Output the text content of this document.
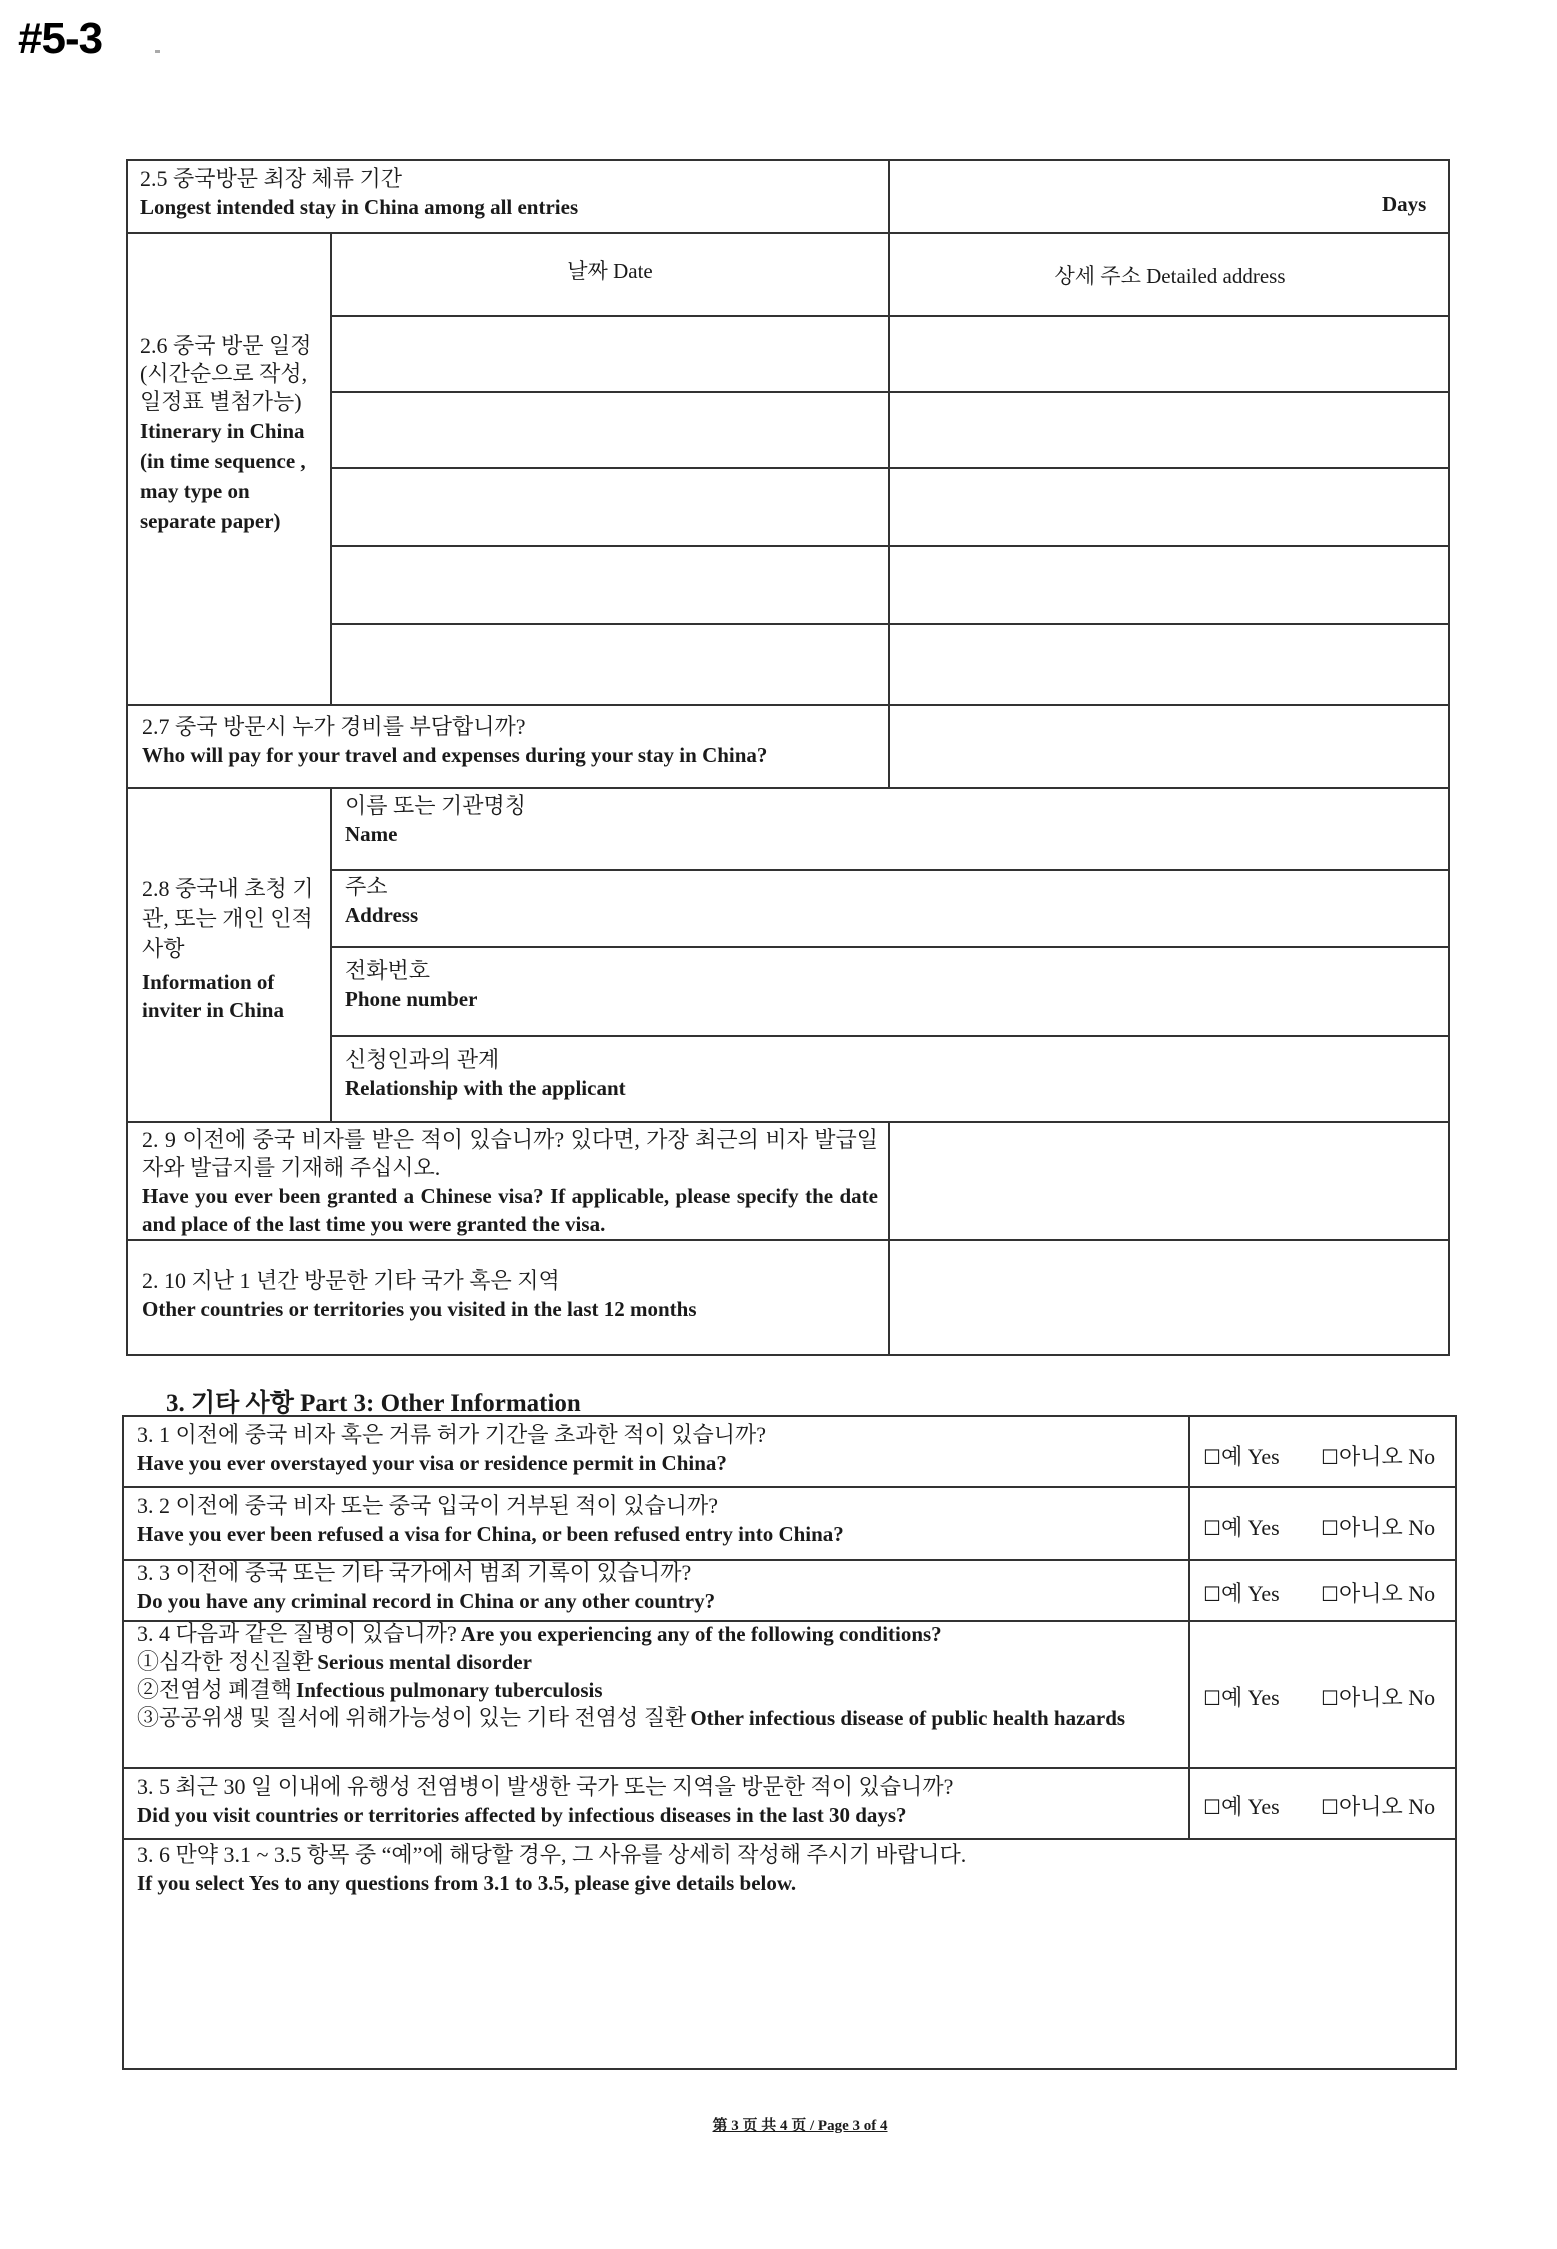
#5-3
2.5 중국방문 최장 체류 기간
Longest intended stay in China among all entries	Days
2.6 중국 방문 일정 (시간순으로 작성, 일정표 별첨가능)
Itinerary in China (in time sequence , may type on separate paper)
날짜 Date	상세 주소 Detailed address
2.7 중국 방문시 누가 경비를 부담합니까?
Who will pay for your travel and expenses during your stay in China?
2.8 중국내 초청 기관, 또는 개인 인적 사항
Information of inviter in China
이름 또는 기관명칭
Name
주소
Address
전화번호
Phone number
신청인과의 관계
Relationship with the applicant
2. 9 이전에 중국 비자를 받은 적이 있습니까? 있다면, 가장 최근의 비자 발급일자와 발급지를 기재해 주십시오.
Have you ever been granted a Chinese visa? If applicable, please specify the date and place of the last time you were granted the visa.
2. 10 지난 1 년간 방문한 기타 국가 혹은 지역
Other countries or territories you visited in the last 12 months
3. 기타 사항 Part 3: Other Information
3. 1 이전에 중국 비자 혹은 거류 허가 기간을 초과한 적이 있습니까?
Have you ever overstayed your visa or residence permit in China?	☐예 Yes ☐아니오 No
3. 2 이전에 중국 비자 또는 중국 입국이 거부된 적이 있습니까?
Have you ever been refused a visa for China, or been refused entry into China?	☐예 Yes ☐아니오 No
3. 3 이전에 중국 또는 기타 국가에서 범죄 기록이 있습니까?
Do you have any criminal record in China or any other country?	☐예 Yes ☐아니오 No
3. 4 다음과 같은 질병이 있습니까? Are you experiencing any of the following conditions?
①심각한 정신질환 Serious mental disorder
②전염성 폐결핵 Infectious pulmonary tuberculosis
③공공위생 및 질서에 위해가능성이 있는 기타 전염성 질환 Other infectious disease of public health hazards
☐예 Yes ☐아니오 No
3. 5 최근 30 일 이내에 유행성 전염병이 발생한 국가 또는 지역을 방문한 적이 있습니까?
Did you visit countries or territories affected by infectious diseases in the last 30 days?	☐예 Yes ☐아니오 No
3. 6 만약 3.1 ~ 3.5 항목 중 “예”에 해당할 경우, 그 사유를 상세히 작성해 주시기 바랍니다.
If you select Yes to any questions from 3.1 to 3.5, please give details below.
第 3 页 共 4 页 / Page 3 of 4
